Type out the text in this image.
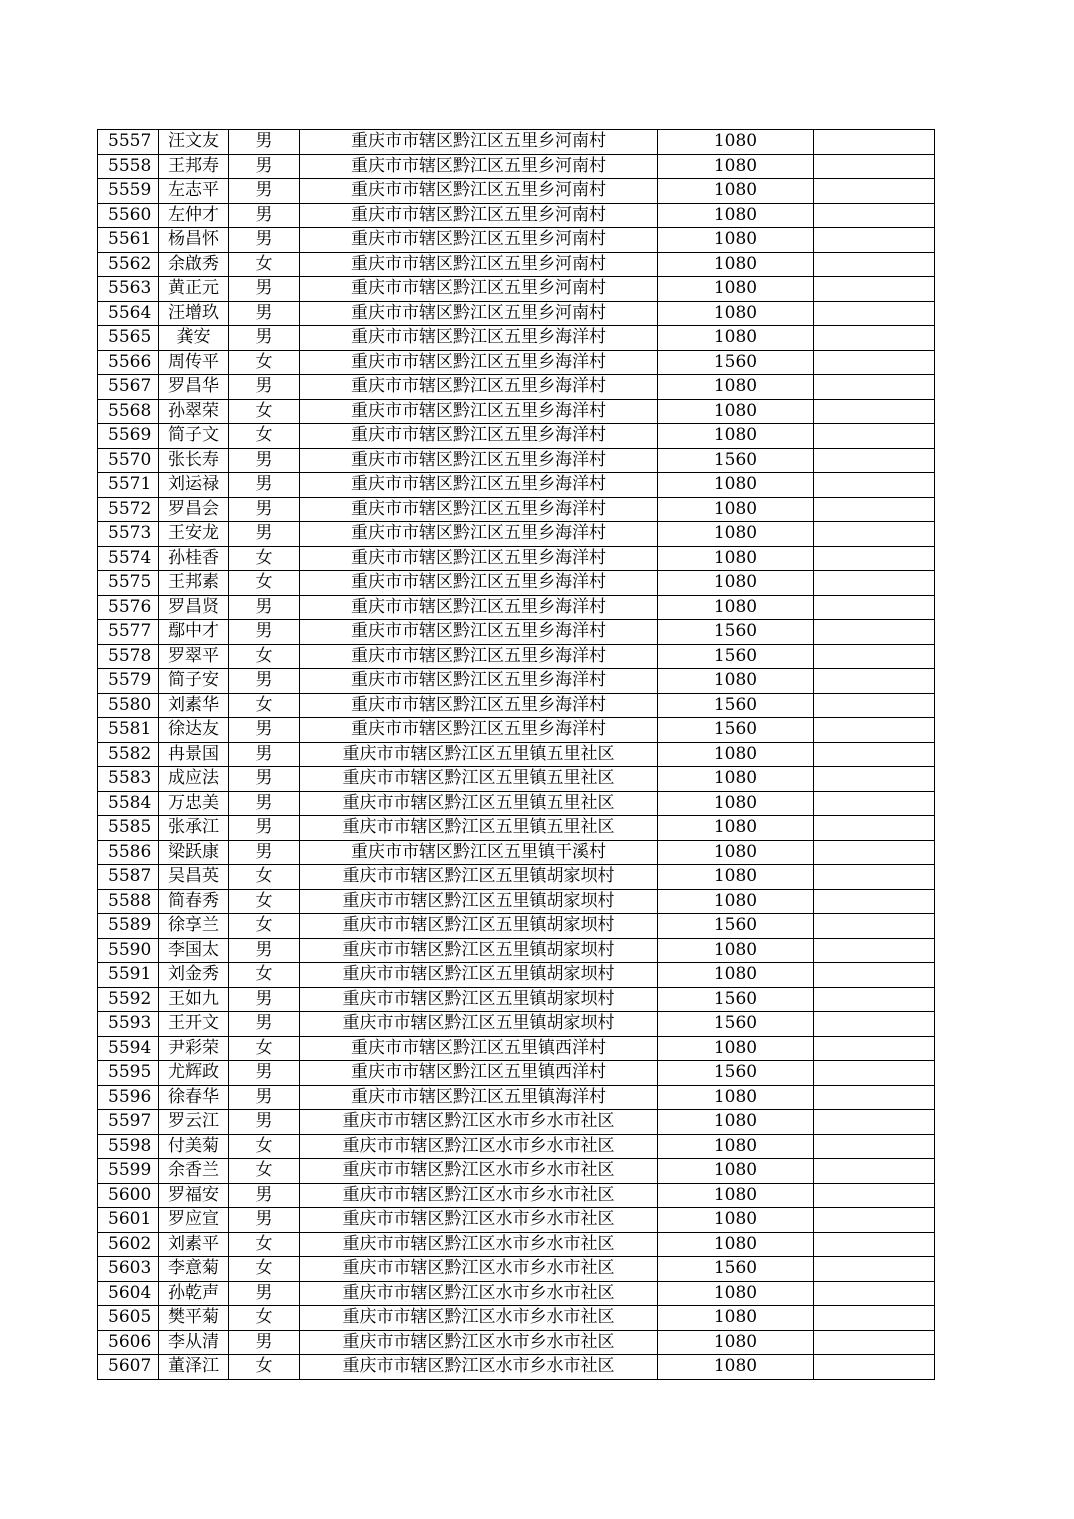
5557	汪文友	男	重庆市市辖区黔江区五里乡河南村	1080	
5558	王邦寿	男	重庆市市辖区黔江区五里乡河南村	1080	
5559	左志平	男	重庆市市辖区黔江区五里乡河南村	1080	
5560	左仲才	男	重庆市市辖区黔江区五里乡河南村	1080	
5561	杨昌怀	男	重庆市市辖区黔江区五里乡河南村	1080	
5562	余啟秀	女	重庆市市辖区黔江区五里乡河南村	1080	
5563	黄正元	男	重庆市市辖区黔江区五里乡河南村	1080	
5564	汪增玖	男	重庆市市辖区黔江区五里乡河南村	1080	
5565	龚安	男	重庆市市辖区黔江区五里乡海洋村	1080	
5566	周传平	女	重庆市市辖区黔江区五里乡海洋村	1560	
5567	罗昌华	男	重庆市市辖区黔江区五里乡海洋村	1080	
5568	孙翠荣	女	重庆市市辖区黔江区五里乡海洋村	1080	
5569	简子文	女	重庆市市辖区黔江区五里乡海洋村	1080	
5570	张长寿	男	重庆市市辖区黔江区五里乡海洋村	1560	
5571	刘运禄	男	重庆市市辖区黔江区五里乡海洋村	1080	
5572	罗昌会	男	重庆市市辖区黔江区五里乡海洋村	1080	
5573	王安龙	男	重庆市市辖区黔江区五里乡海洋村	1080	
5574	孙桂香	女	重庆市市辖区黔江区五里乡海洋村	1080	
5575	王邦素	女	重庆市市辖区黔江区五里乡海洋村	1080	
5576	罗昌贤	男	重庆市市辖区黔江区五里乡海洋村	1080	
5577	鄢中才	男	重庆市市辖区黔江区五里乡海洋村	1560	
5578	罗翠平	女	重庆市市辖区黔江区五里乡海洋村	1560	
5579	简子安	男	重庆市市辖区黔江区五里乡海洋村	1080	
5580	刘素华	女	重庆市市辖区黔江区五里乡海洋村	1560	
5581	徐达友	男	重庆市市辖区黔江区五里乡海洋村	1560	
5582	冉景国	男	重庆市市辖区黔江区五里镇五里社区	1080	
5583	成应法	男	重庆市市辖区黔江区五里镇五里社区	1080	
5584	万忠美	男	重庆市市辖区黔江区五里镇五里社区	1080	
5585	张承江	男	重庆市市辖区黔江区五里镇五里社区	1080	
5586	梁跃康	男	重庆市市辖区黔江区五里镇干溪村	1080	
5587	吴昌英	女	重庆市市辖区黔江区五里镇胡家坝村	1080	
5588	简春秀	女	重庆市市辖区黔江区五里镇胡家坝村	1080	
5589	徐享兰	女	重庆市市辖区黔江区五里镇胡家坝村	1560	
5590	李国太	男	重庆市市辖区黔江区五里镇胡家坝村	1080	
5591	刘金秀	女	重庆市市辖区黔江区五里镇胡家坝村	1080	
5592	王如九	男	重庆市市辖区黔江区五里镇胡家坝村	1560	
5593	王开文	男	重庆市市辖区黔江区五里镇胡家坝村	1560	
5594	尹彩荣	女	重庆市市辖区黔江区五里镇西洋村	1080	
5595	尤辉政	男	重庆市市辖区黔江区五里镇西洋村	1560	
5596	徐春华	男	重庆市市辖区黔江区五里镇海洋村	1080	
5597	罗云江	男	重庆市市辖区黔江区水市乡水市社区	1080	
5598	付美菊	女	重庆市市辖区黔江区水市乡水市社区	1080	
5599	余香兰	女	重庆市市辖区黔江区水市乡水市社区	1080	
5600	罗福安	男	重庆市市辖区黔江区水市乡水市社区	1080	
5601	罗应宣	男	重庆市市辖区黔江区水市乡水市社区	1080	
5602	刘素平	女	重庆市市辖区黔江区水市乡水市社区	1080	
5603	李意菊	女	重庆市市辖区黔江区水市乡水市社区	1560	
5604	孙乾声	男	重庆市市辖区黔江区水市乡水市社区	1080	
5605	樊平菊	女	重庆市市辖区黔江区水市乡水市社区	1080	
5606	李从清	男	重庆市市辖区黔江区水市乡水市社区	1080	
5607	董泽江	女	重庆市市辖区黔江区水市乡水市社区	1080	
